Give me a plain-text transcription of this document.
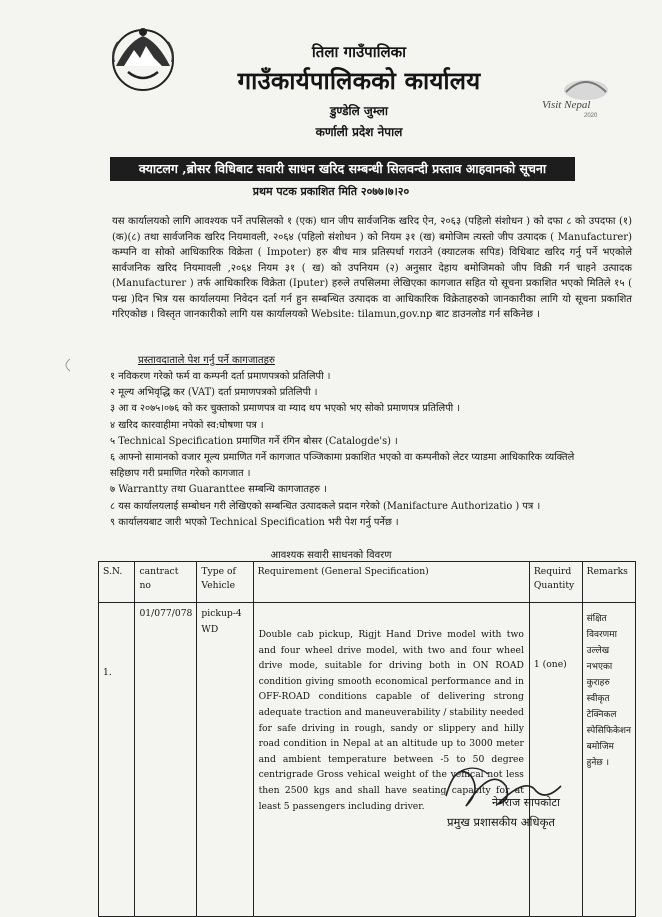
Visit Nepal
2020
तिला गाउँपालिका
गाउँकार्यपालिकको कार्यालय
डुण्डेलि जुम्ला
कर्णाली प्रदेश नेपाल
क्याटलग ,ब्रोसर विधिबाट सवारी साधन खरिद सम्बन्धी सिलवन्दी प्रस्ताव आहवानको सूचना
प्रथम पटक प्रकाशित मिति २०७७।७।२०
यस कार्यालयको लागि आवश्यक पर्ने तपसिलको १ (एक) थान जीप सार्वजनिक खरिद ऐन, २०६३ (पहिलो संशोधन ) को दफा ८ को उपदफा (१) (क)(८) तथा सार्वजनिक खरिद नियमावली, २०६४ (पहिलो संशोधन ) को नियम ३१ (ख) बमोजिम त्यस्तो जीप उत्पादक ( Manufacturer) कम्पनि वा सोको आधिकारिक विक्रेता ( Impoter) हरु बीच मात्र प्रतिस्पर्धा गराउने (क्याटलक सपिड) विधिबाट खरिद गर्नु पर्ने भएकोले सार्वजनिक खरिद नियमावली ,२०६४ नियम ३१ ( ख) को उपनियम (२) अनुसार देहाय बमोजिमको जीप विक्री गर्न चाहने उत्पादक (Manufacturer ) तर्फ आधिकारिक विक्रेता (Iputer) हरुले तपसिलमा लेखिएका कागजात सहित यो सूचना प्रकाशित भएको मितिले १५ ( पन्ध्र )दिन भित्र यस कार्यालयमा निवेदन दर्ता गर्न हुन सम्बन्धित उत्पादक वा आधिकारिक विक्रेताहरुको जानकारीका लागि यो सूचना प्रकाशित गरिएकोछ । विस्तृत जानकारीको लागि यस कार्यालयको Website: tilamun,gov.np बाट डाउनलोड गर्न सकिनेछ ।
प्रस्तावदाताले पेश गर्नु पर्ने कागजातहरु
१ नविकरण गरेको फर्म वा कम्पनी दर्ता प्रमाणपत्रको प्रतिलिपी ।
२ मूल्य अभिवृद्धि कर (VAT) दर्ता प्रमाणपत्रको प्रतिलिपी ।
३ आ व २०७५।०७६ को कर चुक्ताको प्रमाणपत्र वा म्याद थप भएको भए सोको प्रमाणपत्र प्रतिलिपी ।
४ खरिद कारवाहीमा नपेको स्व:घोषणा पत्र ।
५ Technical Specification प्रमाणित गर्ने रंगिन बोसर (Catalogde's) ।
६ आफ्नो सामानको वजार मूल्य प्रमाणित गर्ने कागजात पञ्जिकामा प्रकाशित भएको वा कम्पनीको लेटर प्याडमा आधिकारिक व्यक्तिले
सहिछाप गरी प्रमाणित गरेको कागजात ।
७ Warrantty तथा Guaranttee सम्बन्धि कागजातहरु ।
८ यस कार्यालयलाई सम्बोधन गरी लेखिएको सम्बन्धित उत्पादकले प्रदान गरेको (Manifacture Authorizatio ) पत्र ।
९ कार्यालयबाट जारी भएको Technical Specification भरी पेश गर्नु पर्नेछ ।
आवश्यक सवारी साधनको विवरण
S.N.	cantract no	Type of Vehicle	Requirement (General Specification)	Requird Quantity	Remarks
1.	01/077/078	pickup-4 WD	Double cab pickup, Rigjt Hand Drive model with two and four wheel drive model, with two and four wheel drive mode, suitable for driving both in ON ROAD condition giving smooth economical performance and in OFF-ROAD conditions capable of delivering strong adequate traction and maneuverability / stability needed for safe driving in rough, sandy or slippery and hilly road condition in Nepal at an altitude up to 3000 meter and ambient temperature between -5 to 50 degree centrigrade Gross vehical weight of the vehical not less then 2500 kgs and shall have seating capacity for at least 5 passengers including driver.	1 (one)	संक्षित विवरणमा उल्लेख नभएका कुराहरु स्वीकृत टेक्निकल स्पेसिफिकेशन बमोजिम हुनेछ ।
नेमराज सापकोटा
प्रमुख प्रशासकीय अधिकृत
